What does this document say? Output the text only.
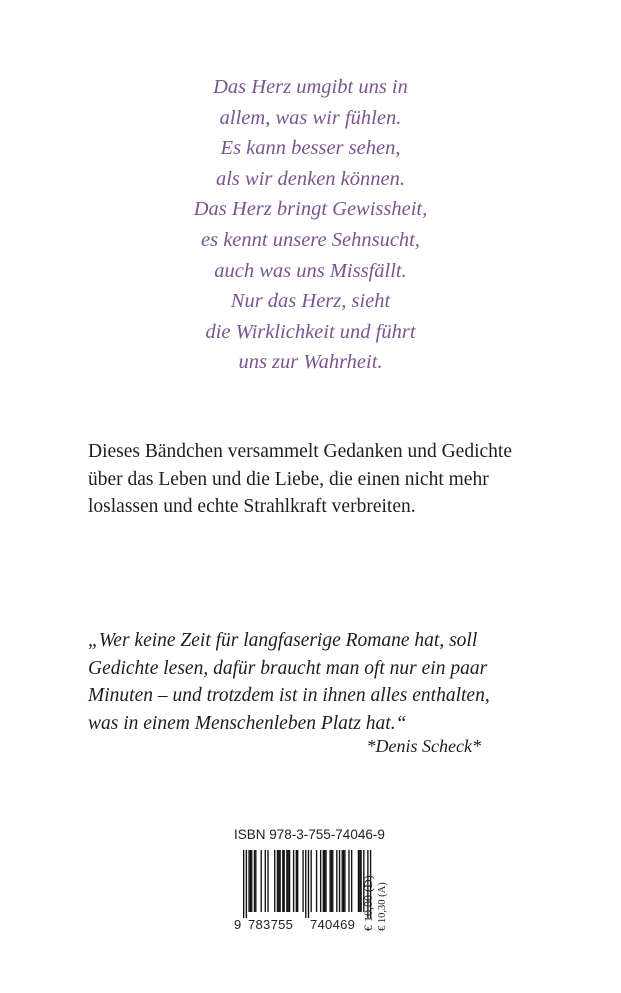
Das Herz umgibt uns in
allem, was wir fühlen.
Es kann besser sehen,
als wir denken können.
Das Herz bringt Gewissheit,
es kennt unsere Sehnsucht,
auch was uns Missfällt.
Nur das Herz, sieht
die Wirklichkeit und führt
uns zur Wahrheit.
Dieses Bändchen versammelt Gedanken und Gedichte
über das Leben und die Liebe, die einen nicht mehr
loslassen und echte Strahlkraft verbreiten.
„Wer keine Zeit für langfaserige Romane hat, soll
Gedichte lesen, dafür braucht man oft nur ein paar
Minuten – und trotzdem ist in ihnen alles enthalten,
was in einem Menschenleben Platz hat.“
*Denis Scheck*
ISBN 978-3-755-74046-9
9 783755	740469 € 10,00 (D) € 10,30 (A)
